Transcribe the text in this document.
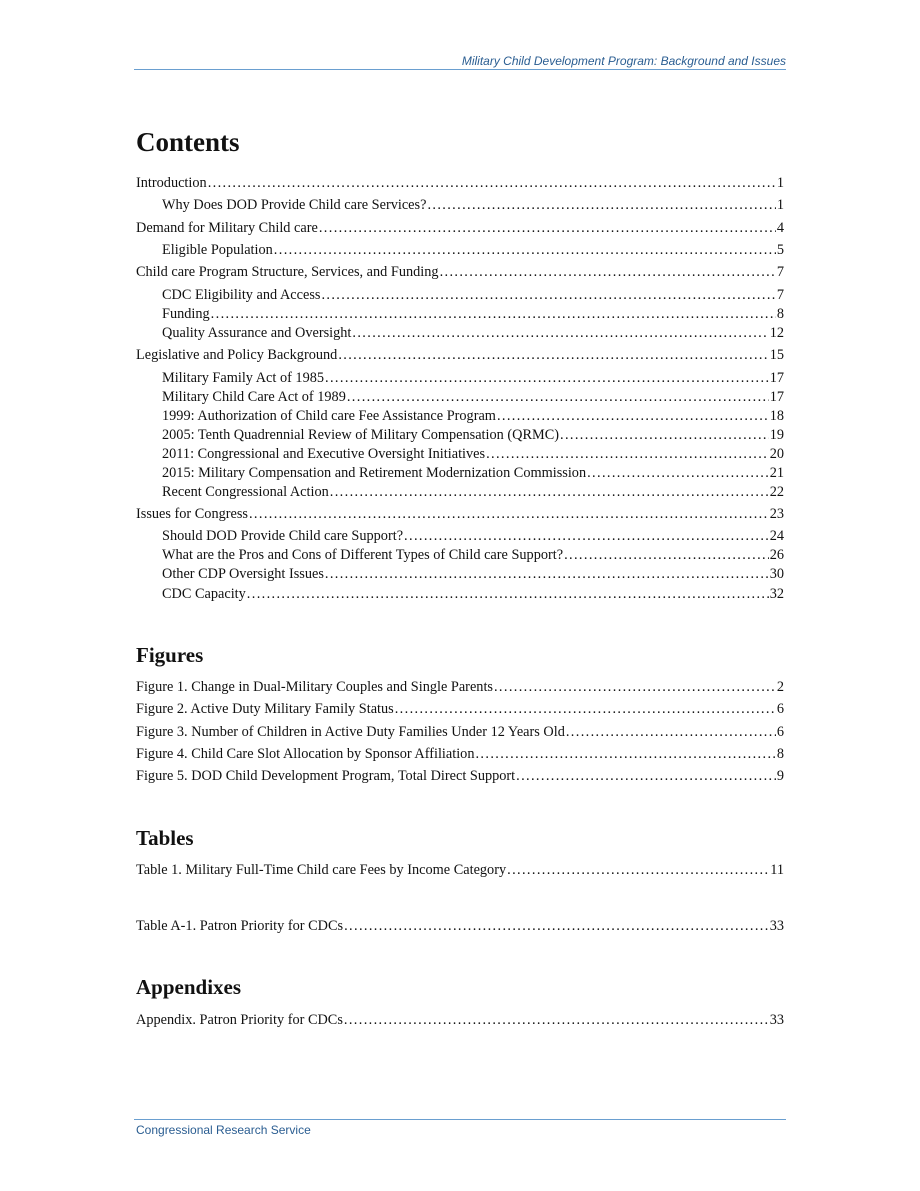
Military Child Development Program: Background and Issues
Contents
Introduction . . .	1
Why Does DOD Provide Child care Services? . . .	1
Demand for Military Child care . . .	4
Eligible Population . . .	5
Child care Program Structure, Services, and Funding . . .	7
CDC Eligibility and Access . . .	7
Funding . . .	8
Quality Assurance and Oversight . . .	12
Legislative and Policy Background . . .	15
Military Family Act of 1985 . . .	17
Military Child Care Act of 1989 . . .	17
1999: Authorization of Child care Fee Assistance Program . . .	18
2005: Tenth Quadrennial Review of Military Compensation (QRMC) . . .	19
2011: Congressional and Executive Oversight Initiatives . . .	20
2015: Military Compensation and Retirement Modernization Commission . . .	21
Recent Congressional Action . . .	22
Issues for Congress . . .	23
Should DOD Provide Child care Support? . . .	24
What are the Pros and Cons of Different Types of Child care Support? . . .	26
Other CDP Oversight Issues . . .	30
CDC Capacity . . .	32
Figures
Figure 1. Change in Dual-Military Couples and Single Parents . . .	2
Figure 2. Active Duty Military Family Status . . .	6
Figure 3. Number of Children in Active Duty Families Under 12 Years Old . . .	6
Figure 4. Child Care Slot Allocation by Sponsor Affiliation . . .	8
Figure 5. DOD Child Development Program, Total Direct Support . . .	9
Tables
Table 1. Military Full-Time Child care Fees by Income Category . . .	11
Table A-1. Patron Priority for CDCs . . .	33
Appendixes
Appendix. Patron Priority for CDCs . . .	33
Congressional Research Service
